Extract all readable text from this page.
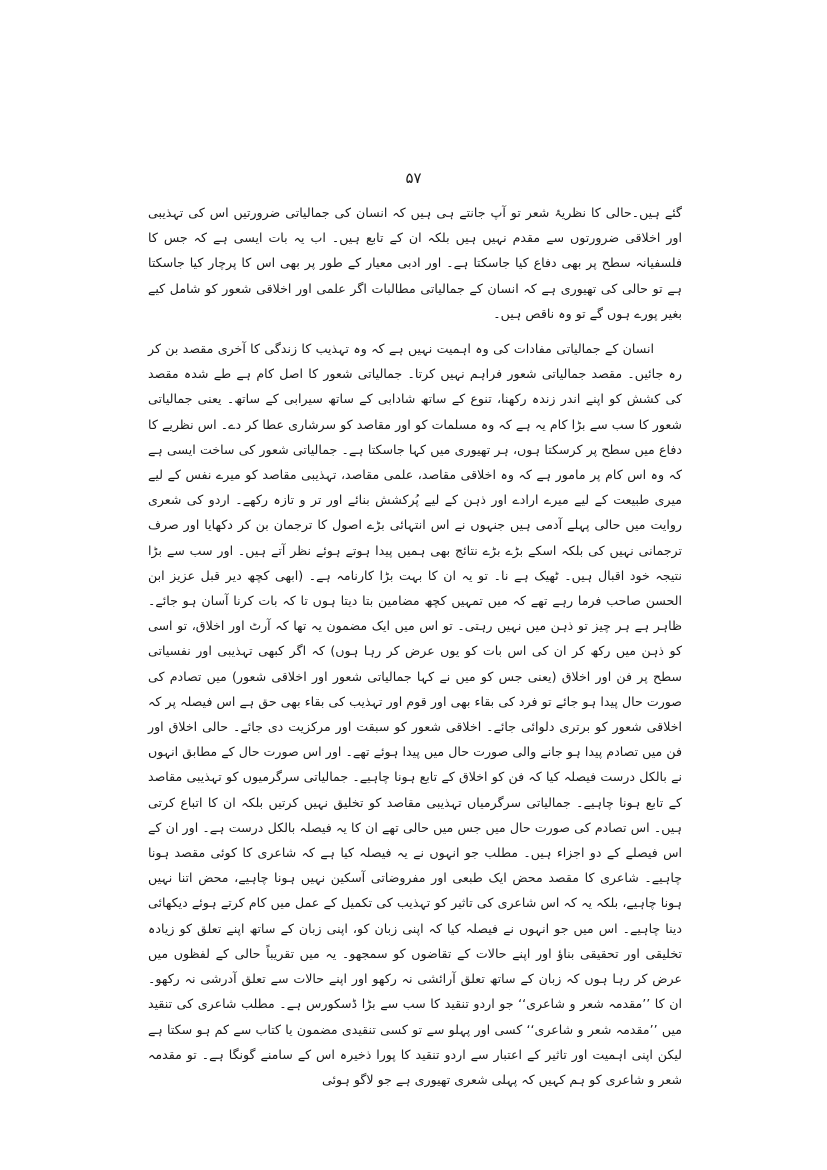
۵۷

گئے ہیں۔حالی کا نظریۂ شعر تو آپ جانتے ہی ہیں کہ انسان کی جمالیاتی ضرورتیں اس کی تہذیبی اور اخلاقی ضرورتوں سے مقدم نہیں ہیں بلکہ ان کے تابع ہیں۔ اب یہ بات ایسی ہے کہ جس کا فلسفیانہ سطح پر بھی دفاع کیا جاسکتا ہے۔ اور ادبی معیار کے طور پر بھی اس کا پرچار کیا جاسکتا ہے تو حالی کی تھیوری ہے کہ انسان کے جمالیاتی مطالبات اگر علمی اور اخلاقی شعور کو شامل کیے بغیر پورے ہوں گے تو وہ ناقص ہیں۔

انسان کے جمالیاتی مفادات کی وہ اہمیت نہیں ہے کہ وہ تہذیب کا زندگی کا آخری مقصد بن کر رہ جائیں۔ مقصد جمالیاتی شعور فراہم نہیں کرتا۔ جمالیاتی شعور کا اصل کام ہے طے شدہ مقصد کی کشش کو اپنے اندر زندہ رکھنا، تنوع کے ساتھ شادابی کے ساتھ سیرابی کے ساتھ۔ یعنی جمالیاتی شعور کا سب سے بڑا کام یہ ہے کہ وہ مسلمات کو اور مقاصد کو سرشاری عطا کر دے۔ اس نظریے کا دفاع میں سطح پر کرسکتا ہوں، ہر تھیوری میں کہا جاسکتا ہے۔ جمالیاتی شعور کی ساخت ایسی ہے کہ وہ اس کام پر مامور ہے کہ وہ اخلاقی مقاصد، علمی مقاصد، تہذیبی مقاصد کو میرے نفس کے لیے میری طبیعت کے لیے میرے ارادے اور ذہن کے لیے پُرکشش بنائے اور تر و تازہ رکھے۔ اردو کی شعری روایت میں حالی پہلے آدمی ہیں جنہوں نے اس انتہائی بڑے اصول کا ترجمان بن کر دکھایا اور صرف ترجمانی نہیں کی بلکہ اسکے بڑے بڑے نتائج بھی ہمیں پیدا ہوتے ہوئے نظر آتے ہیں۔ اور سب سے بڑا نتیجہ خود اقبال ہیں۔ ٹھیک ہے نا۔ تو یہ ان کا بہت بڑا کارنامہ ہے۔ (ابھی کچھ دیر قبل عزیز ابن الحسن صاحب فرما رہے تھے کہ میں تمہیں کچھ مضامین بتا دیتا ہوں تا کہ بات کرنا آسان ہو جائے۔ ظاہر ہے ہر چیز تو ذہن میں نہیں رہتی۔ تو اس میں ایک مضمون یہ تھا کہ آرٹ اور اخلاق، تو اسی کو ذہن میں رکھ کر ان کی اس بات کو یوں عرض کر رہا ہوں) کہ اگر کبھی تہذیبی اور نفسیاتی سطح پر فن اور اخلاق (یعنی جس کو میں نے کہا جمالیاتی شعور اور اخلاقی شعور) میں تصادم کی صورت حال پیدا ہو جائے تو فرد کی بقاء بھی اور قوم اور تہذیب کی بقاء بھی حق ہے اس فیصلہ پر کہ اخلاقی شعور کو برتری دلوائی جائے۔ اخلاقی شعور کو سبقت اور مرکزیت دی جائے۔ حالی اخلاق اور فن میں تصادم پیدا ہو جانے والی صورت حال میں پیدا ہوئے تھے۔ اور اس صورت حال کے مطابق انہوں نے بالکل درست فیصلہ کیا کہ فن کو اخلاق کے تابع ہونا چاہیے۔ جمالیاتی سرگرمیوں کو تہذیبی مقاصد کے تابع ہونا چاہیے۔ جمالیاتی سرگرمیاں تہذیبی مقاصد کو تخلیق نہیں کرتیں بلکہ ان کا اتباع کرتی ہیں۔ اس تصادم کی صورت حال میں جس میں حالی تھے ان کا یہ فیصلہ بالکل درست ہے۔ اور ان کے اس فیصلے کے دو اجزاء ہیں۔ مطلب جو انہوں نے یہ فیصلہ کیا ہے کہ شاعری کا کوئی مقصد ہونا چاہیے۔ شاعری کا مقصد محض ایک طبعی اور مفروضاتی آسکین نہیں ہونا چاہیے، محض اتنا نہیں ہونا چاہیے، بلکہ یہ کہ اس شاعری کی تاثیر کو تہذیب کی تکمیل کے عمل میں کام کرتے ہوئے دیکھائی دینا چاہیے۔ اس میں جو انہوں نے فیصلہ کیا کہ اپنی زبان کو، اپنی زبان کے ساتھ اپنے تعلق کو زیادہ تخلیقی اور تحقیقی بناؤ اور اپنے حالات کے تقاضوں کو سمجھو۔ یہ میں تقریباً حالی کے لفظوں میں عرض کر رہا ہوں کہ زبان کے ساتھ تعلق آرائشی نہ رکھو اور اپنے حالات سے تعلق آدرشی نہ رکھو۔ ان کا ’’مقدمہ شعر و شاعری‘‘ جو اردو تنقید کا سب سے بڑا ڈسکورس ہے۔ مطلب شاعری کی تنقید میں ’’مقدمہ شعر و شاعری‘‘ کسی اور پہلو سے تو کسی تنقیدی مضمون یا کتاب سے کم ہو سکتا ہے لیکن اپنی اہمیت اور تاثیر کے اعتبار سے اردو تنقید کا پورا ذخیرہ اس کے سامنے گونگا ہے۔ تو مقدمہ شعر و شاعری کو ہم کہیں کہ پہلی شعری تھیوری ہے جو لاگو ہوئی
